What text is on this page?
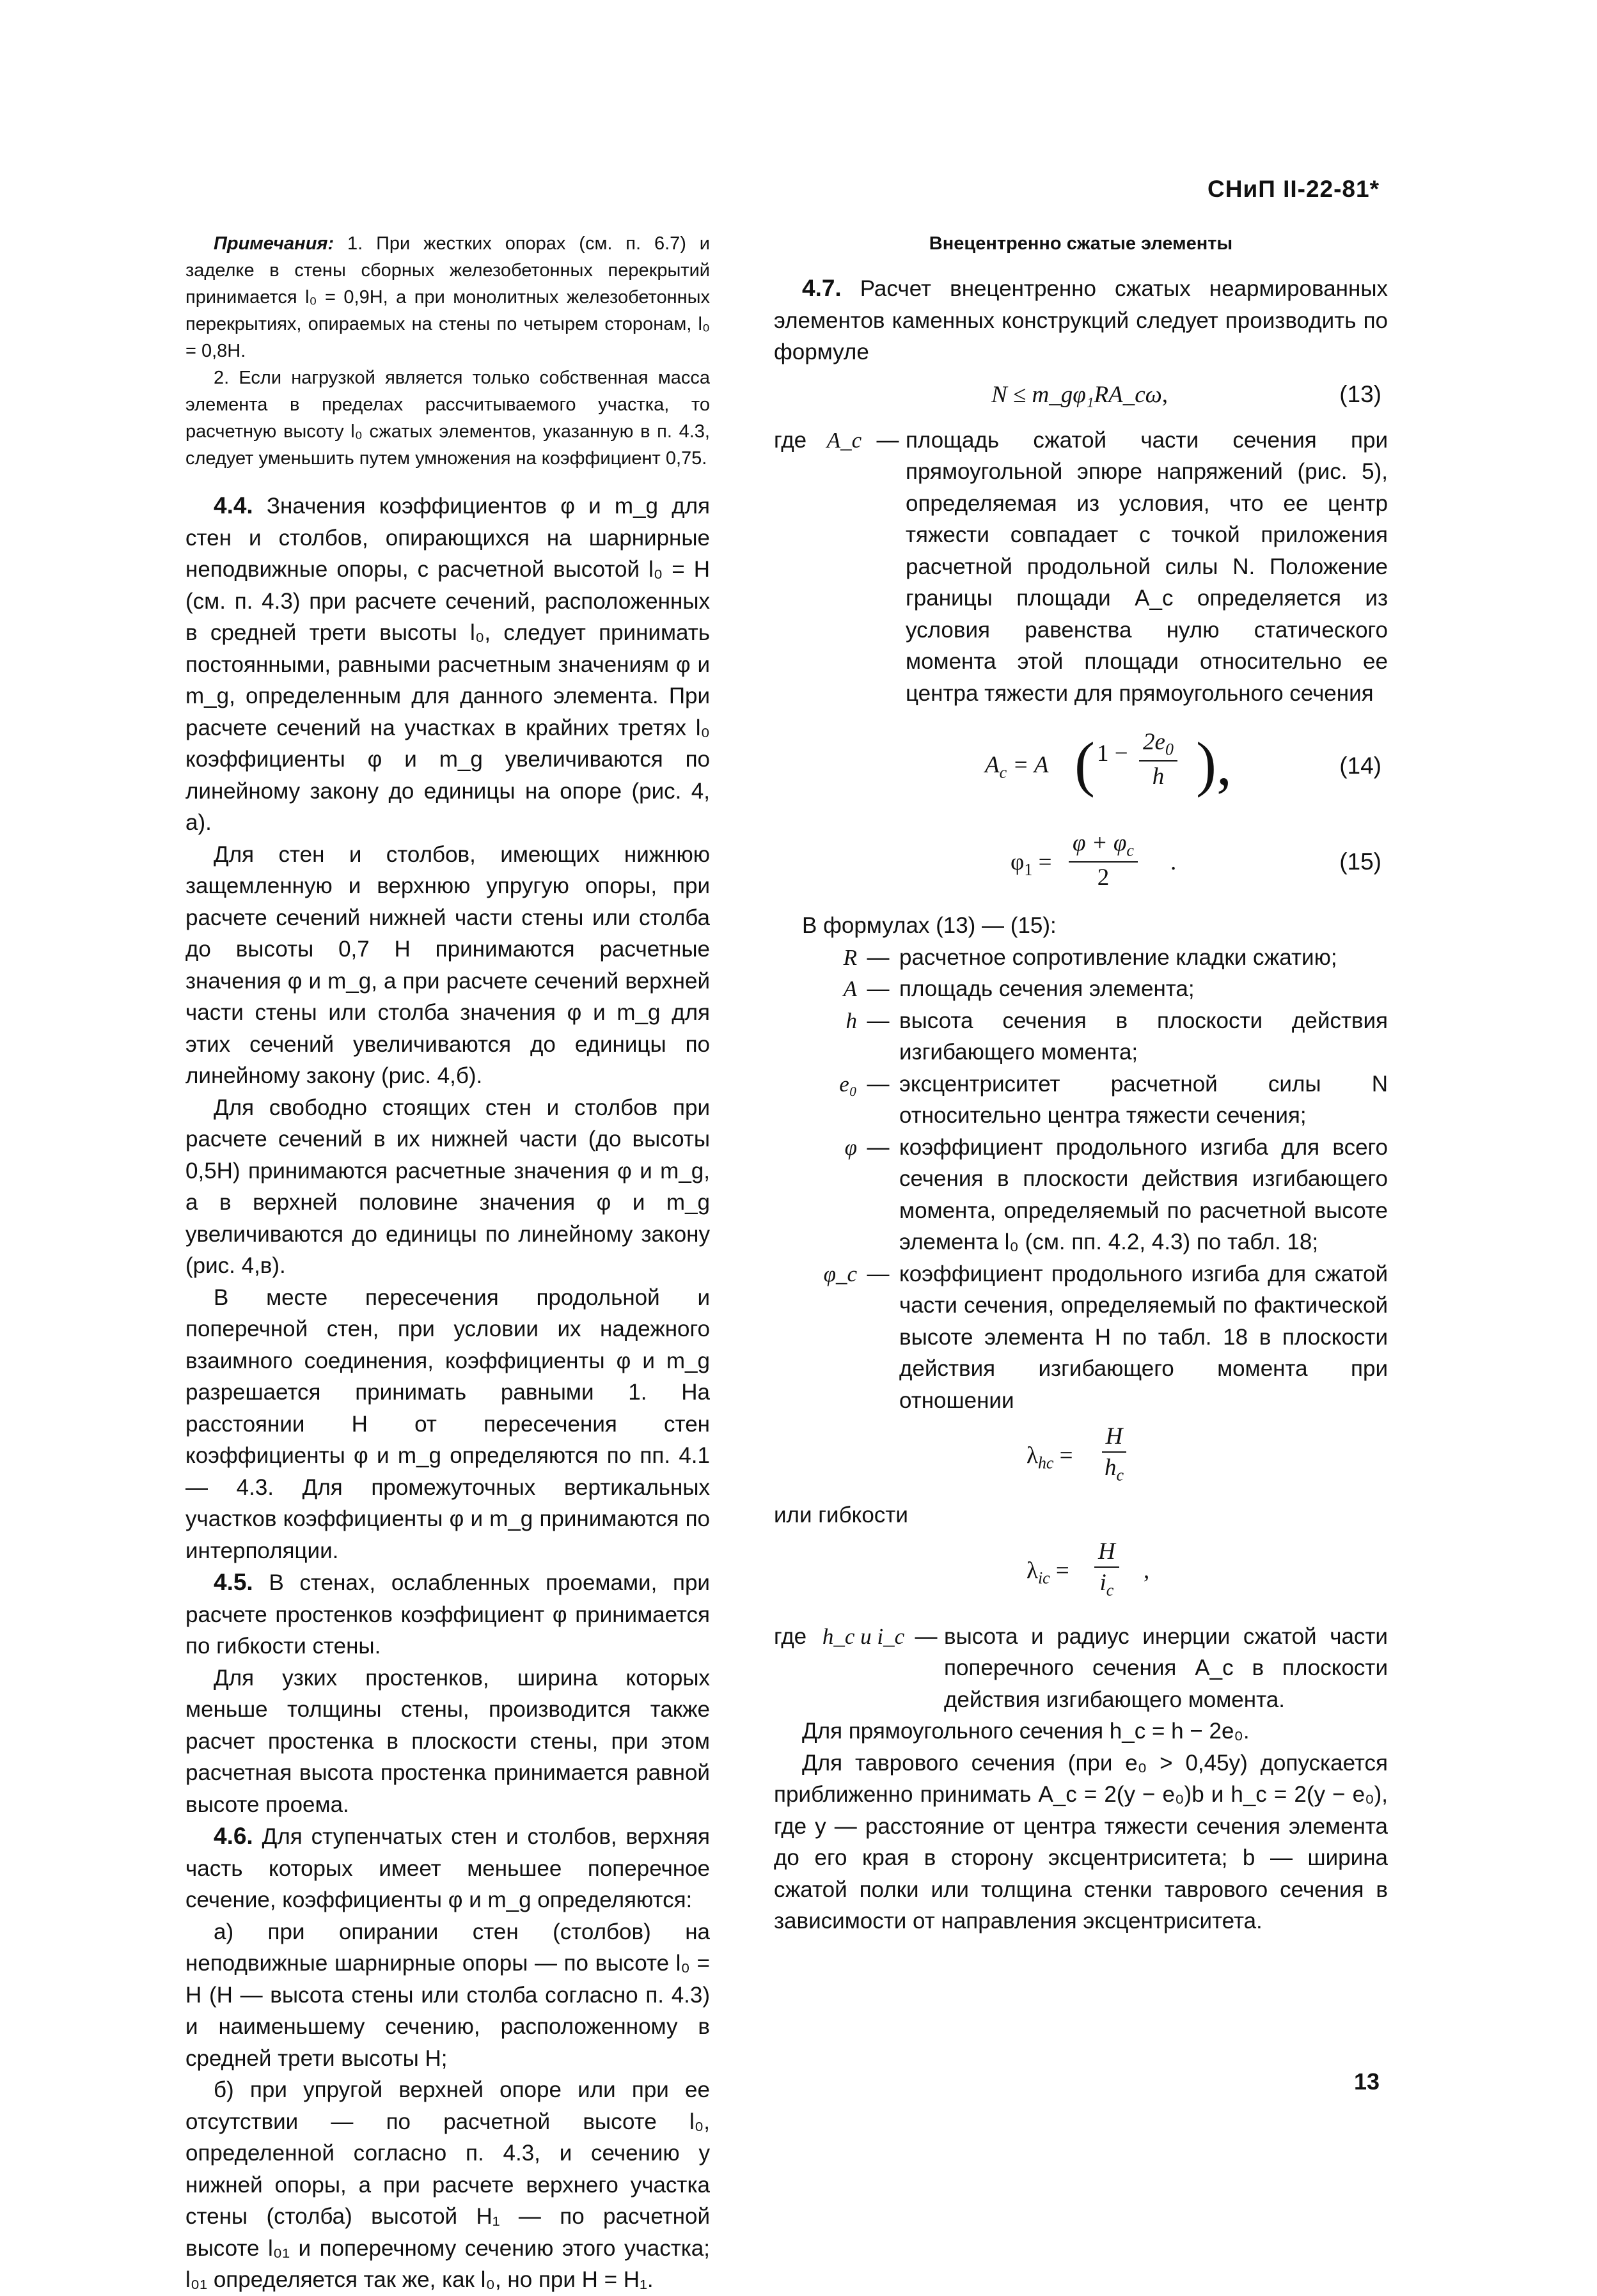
СНиП II-22-81*

Примечания: 1. При жестких опорах (см. п. 6.7) и заделке в стены сборных железобетонных перекрытий принимается l₀ = 0,9H, а при монолитных железобетонных перекрытиях, опираемых на стены по четырем сторонам, l₀ = 0,8H.

2. Если нагрузкой является только собственная масса элемента в пределах рассчитываемого участка, то расчетную высоту l₀ сжатых элементов, указанную в п. 4.3, следует уменьшить путем умножения на коэффициент 0,75.

4.4. Значения коэффициентов φ и m_g для стен и столбов, опирающихся на шарнирные неподвижные опоры, с расчетной высотой l₀ = H (см. п. 4.3) при расчете сечений, расположенных в средней трети высоты l₀, следует принимать постоянными, равными расчетным значениям φ и m_g, определенным для данного элемента. При расчете сечений на участках в крайних третях l₀ коэффициенты φ и m_g увеличиваются по линейному закону до единицы на опоре (рис. 4, а).

Для стен и столбов, имеющих нижнюю защемленную и верхнюю упругую опоры, при расчете сечений нижней части стены или столба до высоты 0,7 H принимаются расчетные значения φ и m_g, а при расчете сечений верхней части стены или столба значения φ и m_g для этих сечений увеличиваются до единицы по линейному закону (рис. 4,б).

Для свободно стоящих стен и столбов при расчете сечений в их нижней части (до высоты 0,5H) принимаются расчетные значения φ и m_g, а в верхней половине значения φ и m_g увеличиваются до единицы по линейному закону (рис. 4,в).

В месте пересечения продольной и поперечной стен, при условии их надежного взаимного соединения, коэффициенты φ и m_g разрешается принимать равными 1. На расстоянии H от пересечения стен коэффициенты φ и m_g определяются по пп. 4.1 — 4.3. Для промежуточных вертикальных участков коэффициенты φ и m_g принимаются по интерполяции.

4.5. В стенах, ослабленных проемами, при расчете простенков коэффициент φ принимается по гибкости стены.

Для узких простенков, ширина которых меньше толщины стены, производится также расчет простенка в плоскости стены, при этом расчетная высота простенка принимается равной высоте проема.

4.6. Для ступенчатых стен и столбов, верхняя часть которых имеет меньшее поперечное сечение, коэффициенты φ и m_g определяются:

а) при опирании стен (столбов) на неподвижные шарнирные опоры — по высоте l₀ = H (H — высота стены или столба согласно п. 4.3) и наименьшему сечению, расположенному в средней трети высоты H;

б) при упругой верхней опоре или при ее отсутствии — по расчетной высоте l₀, определенной согласно п. 4.3, и сечению у нижней опоры, а при расчете верхнего участка стены (столба) высотой H₁ — по расчетной высоте l₀₁ и поперечному сечению этого участка; l₀₁ определяется так же, как l₀, но при H = H₁.

Внецентренно сжатые элементы

4.7. Расчет внецентренно сжатых неармированных элементов каменных конструкций следует производить по формуле

N ≤ m_gφ₁RA_cω,	(13)
где A_c — площадь сжатой части сечения при прямоугольной эпюре напряжений (рис. 5), определяемая из условия, что ее центр тяжести совпадает с точкой приложения расчетной продольной силы N. Положение границы площади A_c определяется из условия равенства нулю статического момента этой площади относительно ее центра тяжести для прямоугольного сечения
$A_c = A$ ( $1 - \frac{2e_0}{h}$ ),	(14)
$\varphi_1 = \frac{\varphi + \varphi_c}{2}$ .	(15)

В формулах (13) — (15):

R — расчетное сопротивление кладки сжатию;
A — площадь сечения элемента;
h — высота сечения в плоскости действия изгибающего момента;
e₀ — эксцентриситет расчетной силы N относительно центра тяжести сечения;
φ — коэффициент продольного изгиба для всего сечения в плоскости действия изгибающего момента, определяемый по расчетной высоте элемента l₀ (см. пп. 4.2, 4.3) по табл. 18;
φ_c — коэффициент продольного изгиба для сжатой части сечения, определяемый по фактической высоте элемента H по табл. 18 в плоскости действия изгибающего момента при отношении
$\lambda_{hc} = \frac{H}{h_c}$
или гибкости
$\lambda_{ic} = \frac{H}{i_c}$ ,
где h_c и i_c — высота и радиус инерции сжатой части поперечного сечения A_c в плоскости действия изгибающего момента.

Для прямоугольного сечения h_c = h − 2e₀.

Для таврового сечения (при e₀ > 0,45y) допускается приближенно принимать A_c = 2(y − e₀)b и h_c = 2(y − e₀), где y — расстояние от центра тяжести сечения элемента до его края в сторону эксцентриситета; b — ширина сжатой полки или толщина стенки таврового сечения в зависимости от направления эксцентриситета.

13
